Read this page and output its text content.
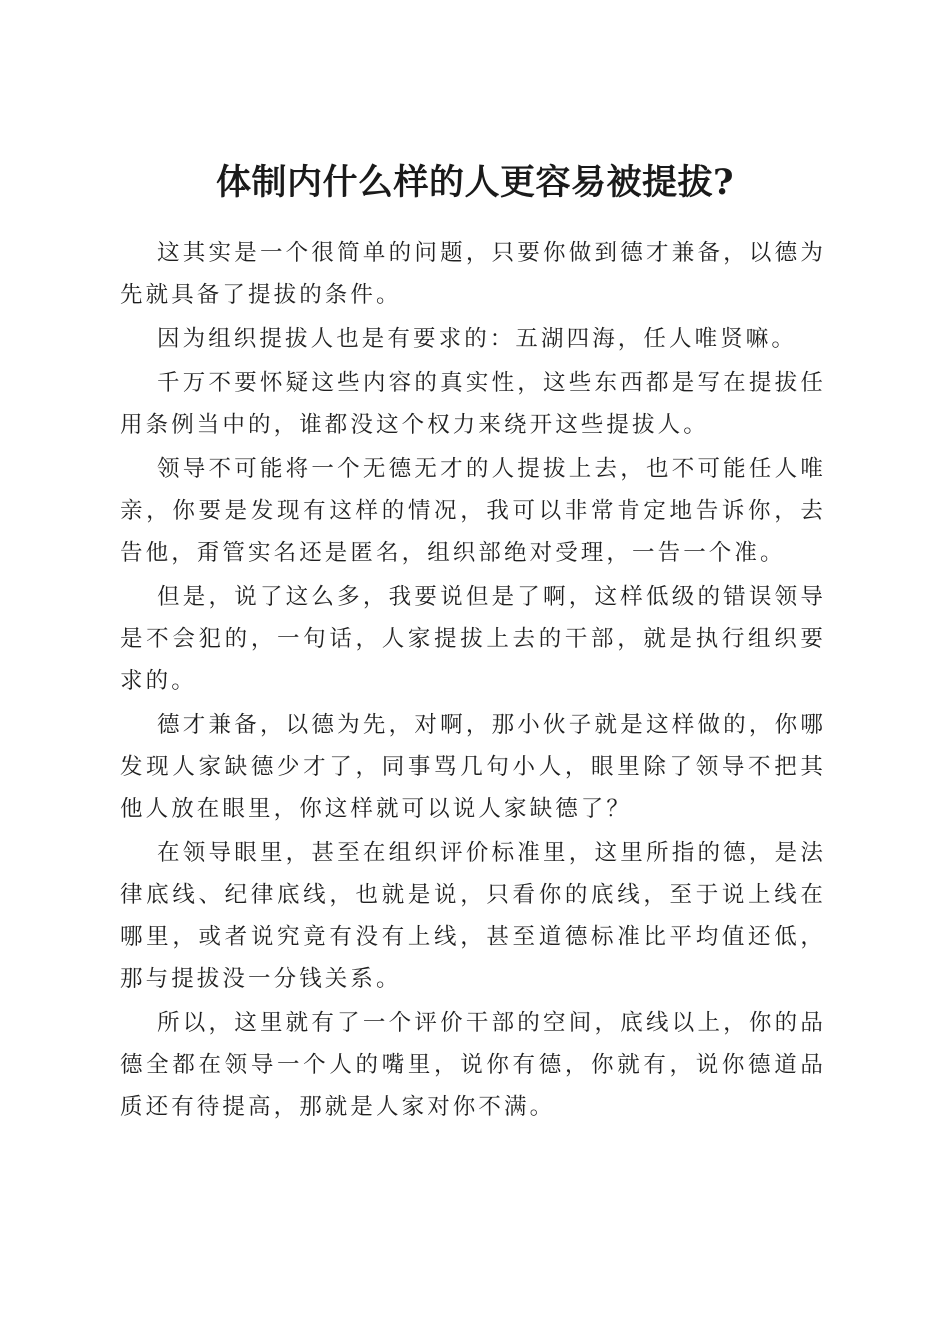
体制内什么样的人更容易被提拔?

这其实是一个很简单的问题，只要你做到德才兼备，以德为先就具备了提拔的条件。

因为组织提拔人也是有要求的：五湖四海，任人唯贤嘛。

千万不要怀疑这些内容的真实性，这些东西都是写在提拔任用条例当中的，谁都没这个权力来绕开这些提拔人。

领导不可能将一个无德无才的人提拔上去，也不可能任人唯亲，你要是发现有这样的情况，我可以非常肯定地告诉你，去告他，甭管实名还是匿名，组织部绝对受理，一告一个准。

但是，说了这么多，我要说但是了啊，这样低级的错误领导是不会犯的，一句话，人家提拔上去的干部，就是执行组织要求的。

德才兼备，以德为先，对啊，那小伙子就是这样做的，你哪发现人家缺德少才了，同事骂几句小人，眼里除了领导不把其他人放在眼里，你这样就可以说人家缺德了？

在领导眼里，甚至在组织评价标准里，这里所指的德，是法律底线、纪律底线，也就是说，只看你的底线，至于说上线在哪里，或者说究竟有没有上线，甚至道德标准比平均值还低，那与提拔没一分钱关系。

所以，这里就有了一个评价干部的空间，底线以上，你的品德全都在领导一个人的嘴里，说你有德，你就有，说你德道品质还有待提高，那就是人家对你不满。
